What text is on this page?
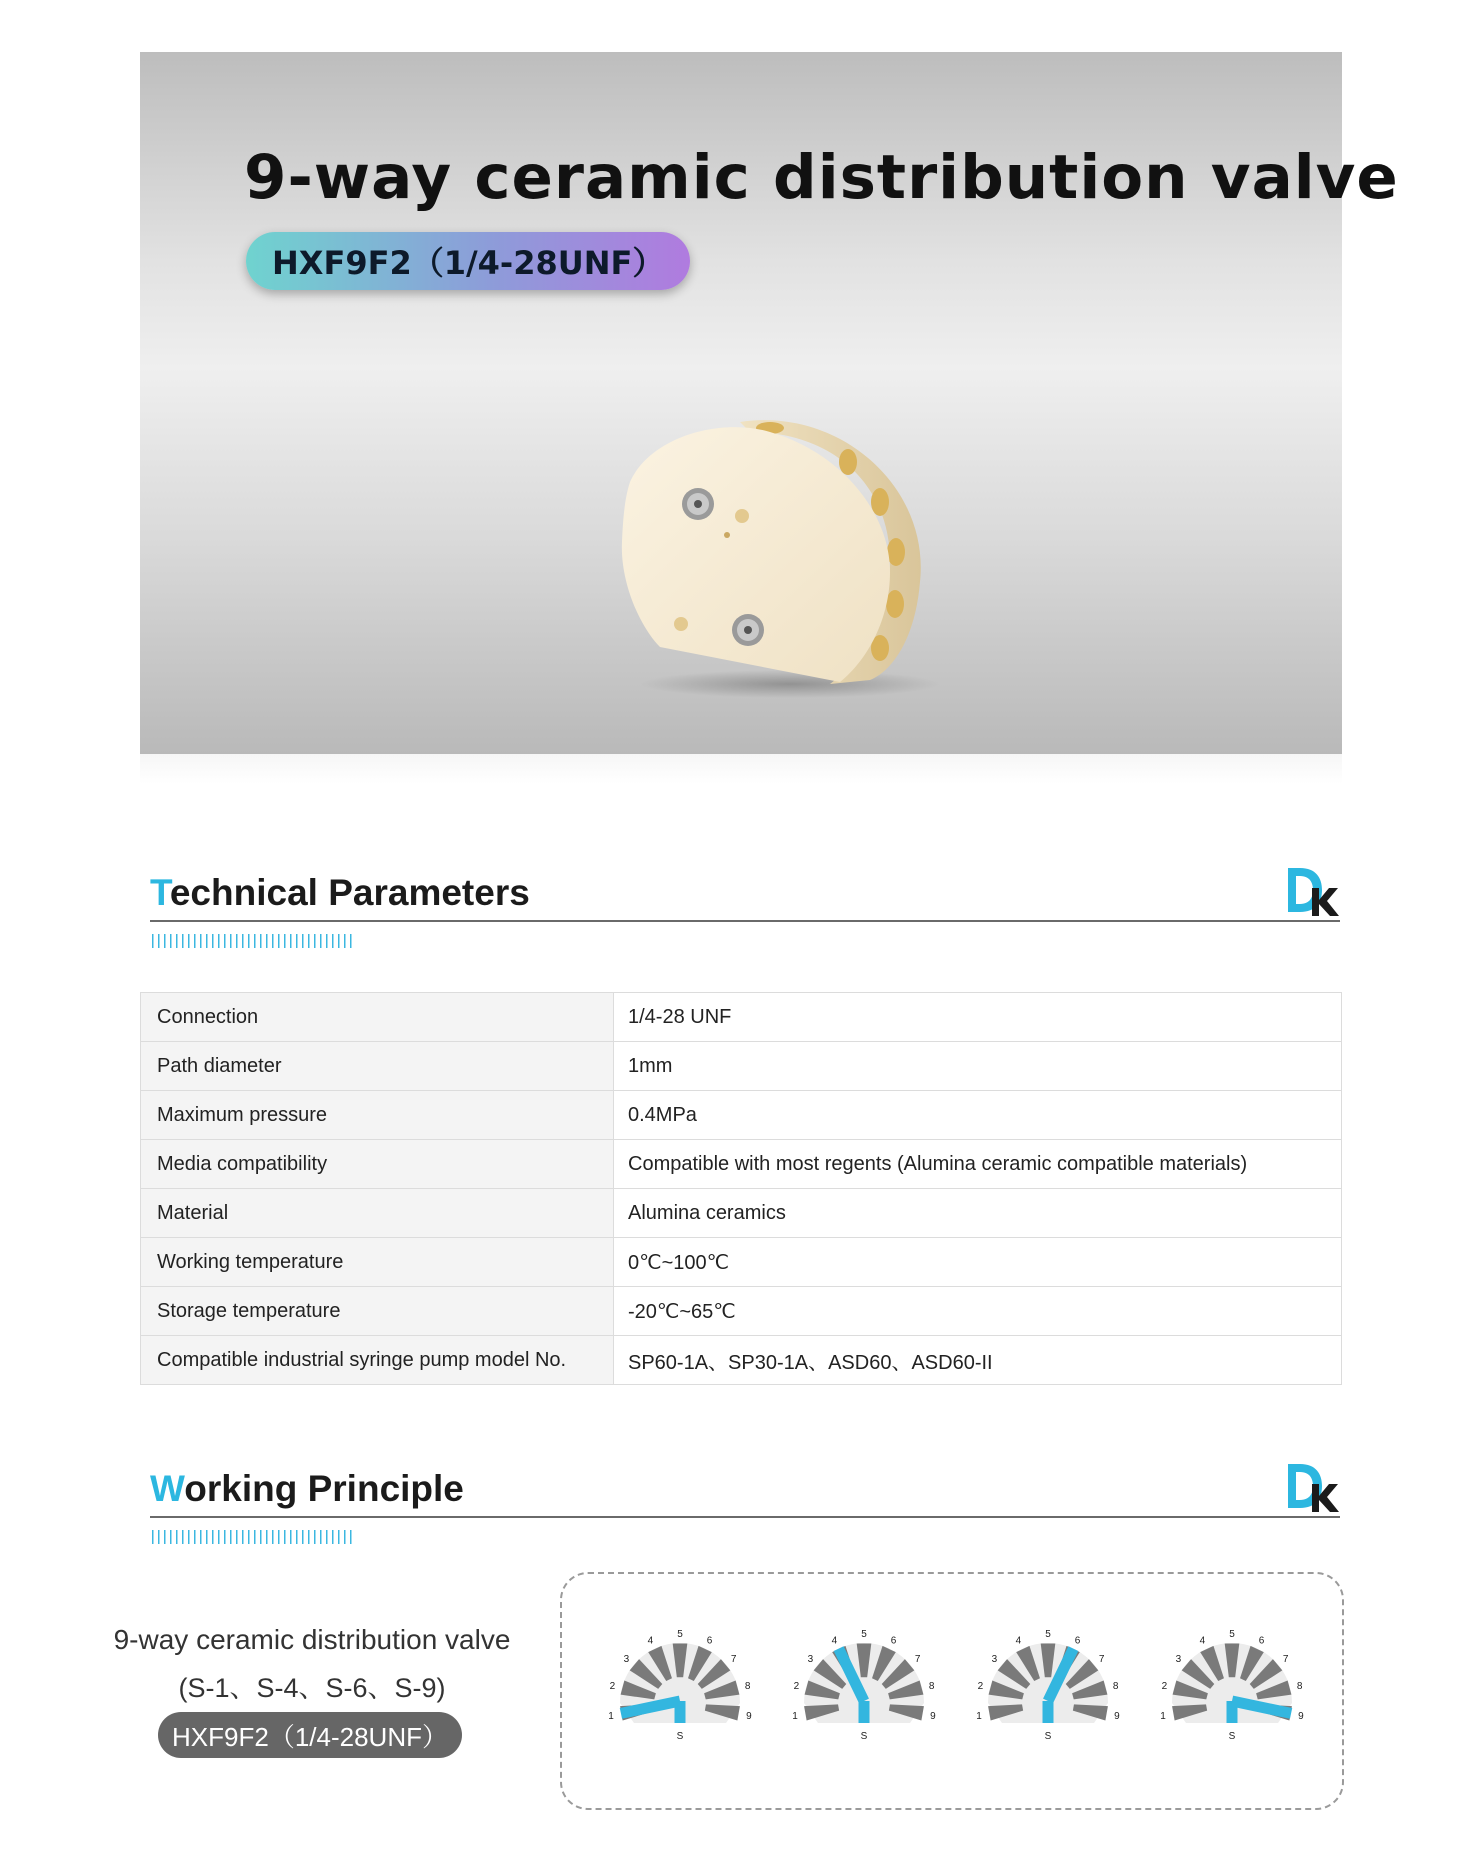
9-way ceramic distribution valve
HXF9F2（1/4-28UNF）
Technical Parameters
Connection	1/4-28 UNF
Path diameter	1mm
Maximum pressure	0.4MPa
Media compatibility	Compatible with most regents (Alumina ceramic compatible materials)
Material	Alumina ceramics
Working temperature	0℃~100℃
Storage temperature	-20℃~65℃
Compatible industrial syringe pump model No.	SP60-1A、SP30-1A、ASD60、ASD60-II
Working Principle
9-way ceramic distribution valve
(S-1、S-4、S-6、S-9)
HXF9F2（1/4-28UNF）
1
2
3
4
5
6
7
8
9
S
1
2
3
4
5
6
7
8
9
S
1
2
3
4
5
6
7
8
9
S
1
2
3
4
5
6
7
8
9
S
